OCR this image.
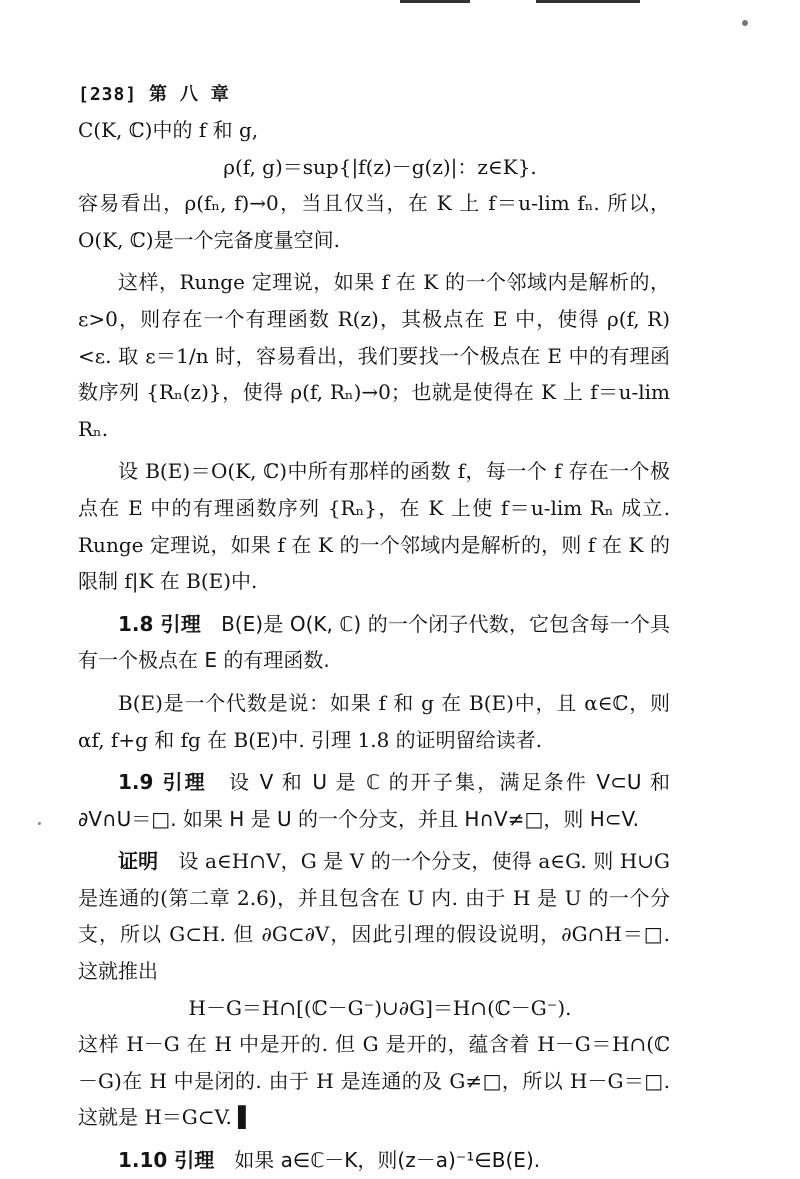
[238] 第 八 章

C(K, ℂ)中的 f 和 g,

ρ(f, g)＝sup{|f(z)－g(z)|：z∈K}.

容易看出，ρ(fₙ, f)→0，当且仅当，在 K 上 f＝u-lim fₙ. 所以，O(K, ℂ)是一个完备度量空间.

这样，Runge 定理说，如果 f 在 K 的一个邻域内是解析的，ε>0，则存在一个有理函数 R(z)，其极点在 E 中，使得 ρ(f, R)<ε. 取 ε＝1/n 时，容易看出，我们要找一个极点在 E 中的有理函数序列 {Rₙ(z)}，使得 ρ(f, Rₙ)→0；也就是使得在 K 上 f＝u-lim Rₙ.

设 B(E)＝O(K, ℂ)中所有那样的函数 f，每一个 f 存在一个极点在 E 中的有理函数序列 {Rₙ}，在 K 上使 f＝u-lim Rₙ 成立. Runge 定理说，如果 f 在 K 的一个邻域内是解析的，则 f 在 K 的限制 f|K 在 B(E)中.

1.8 引理　 B(E)是 O(K, ℂ) 的一个闭子代数，它包含每一个具有一个极点在 E 的有理函数.

B(E)是一个代数是说：如果 f 和 g 在 B(E)中，且 α∈ℂ，则 αf, f+g 和 fg 在 B(E)中. 引理 1.8 的证明留给读者.

1.9 引理　 设 V 和 U 是 ℂ 的开子集，满足条件 V⊂U 和 ∂V∩U＝□. 如果 H 是 U 的一个分支，并且 H∩V≠□，则 H⊂V.

证明　 设 a∈H∩V，G 是 V 的一个分支，使得 a∈G. 则 H∪G 是连通的(第二章 2.6)，并且包含在 U 内. 由于 H 是 U 的一个分支，所以 G⊂H. 但 ∂G⊂∂V，因此引理的假设说明，∂G∩H＝□. 这就推出

H－G＝H∩[(ℂ－G⁻)∪∂G]＝H∩(ℂ－G⁻).

这样 H－G 在 H 中是开的. 但 G 是开的，蕴含着 H－G＝H∩(ℂ－G)在 H 中是闭的. 由于 H 是连通的及 G≠□，所以 H－G＝□. 这就是 H＝G⊂V. ▌

1.10 引理　 如果 a∈ℂ－K，则(z－a)⁻¹∈B(E).
